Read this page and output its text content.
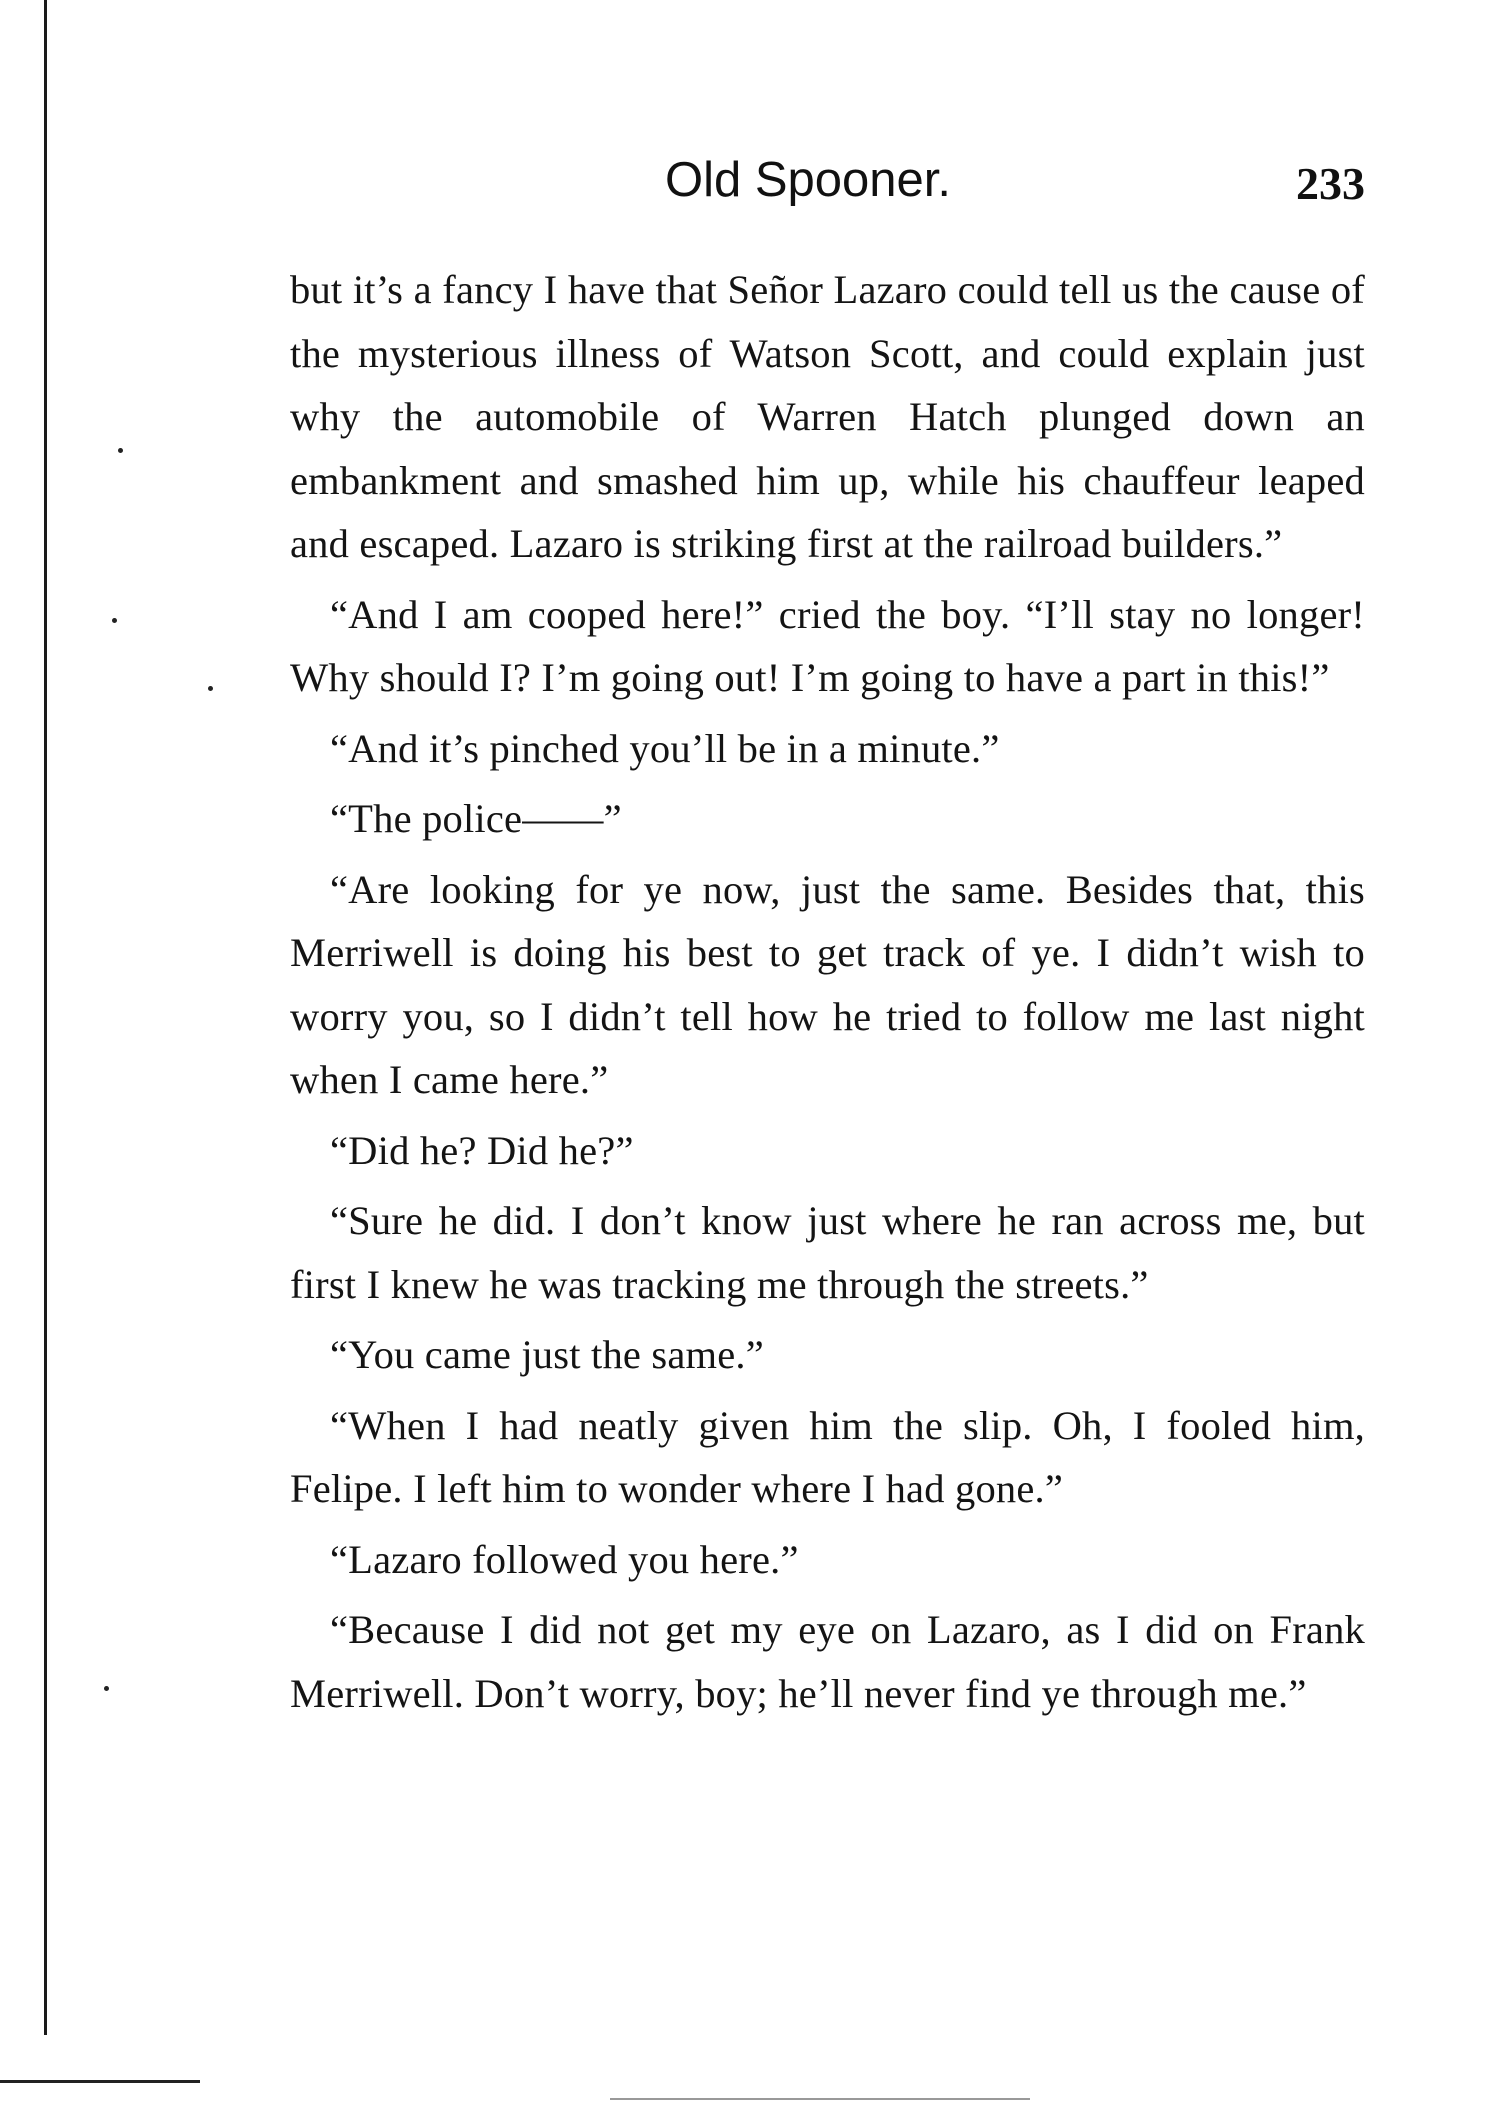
Old Spooner.	233

but it’s a fancy I have that Señor Lazaro could tell us the cause of the mysterious illness of Watson Scott, and could explain just why the automobile of Warren Hatch plunged down an embankment and smashed him up, while his chauffeur leaped and escaped. Lazaro is striking first at the railroad builders.”

“And I am cooped here!” cried the boy. “I’ll stay no longer! Why should I? I’m going out! I’m going to have a part in this!”

“And it’s pinched you’ll be in a minute.”

“The police——”

“Are looking for ye now, just the same. Besides that, this Merriwell is doing his best to get track of ye. I didn’t wish to worry you, so I didn’t tell how he tried to follow me last night when I came here.”

“Did he? Did he?”

“Sure he did. I don’t know just where he ran across me, but first I knew he was tracking me through the streets.”

“You came just the same.”

“When I had neatly given him the slip. Oh, I fooled him, Felipe. I left him to wonder where I had gone.”

“Lazaro followed you here.”

“Because I did not get my eye on Lazaro, as I did on Frank Merriwell. Don’t worry, boy; he’ll never find ye through me.”
